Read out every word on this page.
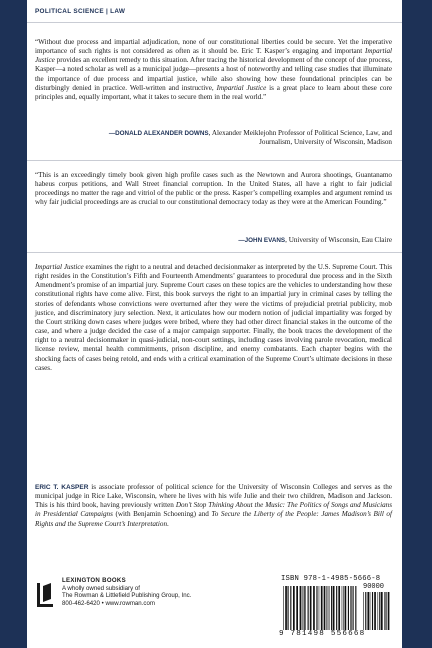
POLITICAL SCIENCE | LAW
“Without due process and impartial adjudication, none of our constitutional liberties could be secure. Yet the imperative importance of such rights is not considered as often as it should be. Eric T. Kasper’s engaging and important Impartial Justice provides an excellent remedy to this situation. After tracing the historical development of the concept of due process, Kasper—a noted scholar as well as a municipal judge—presents a host of noteworthy and telling case studies that illuminate the importance of due process and impartial justice, while also showing how these foundational principles can be disturbingly denied in practice. Well-written and instructive, Impartial Justice is a great place to learn about these core principles and, equally important, what it takes to secure them in the real world.”
—DONALD ALEXANDER DOWNS, Alexander Meiklejohn Professor of Political Science, Law, and Journalism, University of Wisconsin, Madison
“This is an exceedingly timely book given high profile cases such as the Newtown and Aurora shootings, Guantanamo habeus corpus petitions, and Wall Street financial corruption. In the United States, all have a right to fair judicial proceedings no matter the rage and vitriol of the public or the press. Kasper’s compelling examples and argument remind us why fair judicial proceedings are as crucial to our constitutional democracy today as they were at the American Founding.”
—JOHN EVANS, University of Wisconsin, Eau Claire
Impartial Justice examines the right to a neutral and detached decisionmaker as interpreted by the U.S. Supreme Court. This right resides in the Constitution’s Fifth and Fourteenth Amendments’ guarantees to procedural due process and in the Sixth Amendment’s promise of an impartial jury. Supreme Court cases on these topics are the vehicles to understanding how these constitutional rights have come alive. First, this book surveys the right to an impartial jury in criminal cases by telling the stories of defendants whose convictions were overturned after they were the victims of prejudicial pretrial publicity, mob justice, and discriminatory jury selection. Next, it articulates how our modern notion of judicial impartiality was forged by the Court striking down cases where judges were bribed, where they had other direct financial stakes in the outcome of the case, and where a judge decided the case of a major campaign supporter. Finally, the book traces the development of the right to a neutral decisionmaker in quasi-judicial, non-court settings, including cases involving parole revocation, medical license review, mental health commitments, prison discipline, and enemy combatants. Each chapter begins with the shocking facts of cases being retold, and ends with a critical examination of the Supreme Court’s ultimate decisions in these cases.
ERIC T. KASPER is associate professor of political science for the University of Wisconsin Colleges and serves as the municipal judge in Rice Lake, Wisconsin, where he lives with his wife Julie and their two children, Madison and Jackson. This is his third book, having previously written Don’t Stop Thinking About the Music: The Politics of Songs and Musicians in Presidential Campaigns (with Benjamin Schoening) and To Secure the Liberty of the People: James Madison’s Bill of Rights and the Supreme Court’s Interpretation.
LEXINGTON BOOKS
A wholly owned subsidiary of
The Rowman & Littlefield Publishing Group, Inc.
800-462-6420 • www.rowman.com
ISBN 978-1-4985-5666-8
90000
9 781498 556668
